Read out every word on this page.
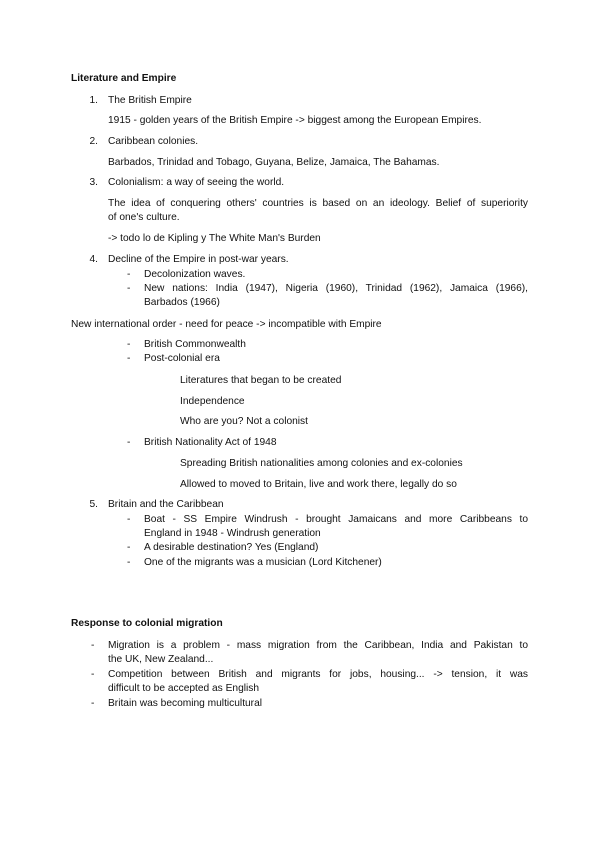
Literature and Empire
1. The British Empire
1915 - golden years of the British Empire -> biggest among the European Empires.
2. Caribbean colonies.
Barbados, Trinidad and Tobago, Guyana, Belize, Jamaica, The Bahamas.
3. Colonialism: a way of seeing the world.
The idea of conquering others' countries is based on an ideology. Belief of superiority
of one's culture.
-> todo lo de Kipling y The White Man's Burden
4. Decline of the Empire in post-war years.
- Decolonization waves.
- New nations: India (1947), Nigeria (1960), Trinidad (1962), Jamaica (1966),
Barbados (1966)
New international order - need for peace -> incompatible with Empire
- British Commonwealth
- Post-colonial era
Literatures that began to be created
Independence
Who are you? Not a colonist
- British Nationality Act of 1948
Spreading British nationalities among colonies and ex-colonies
Allowed to moved to Britain, live and work there, legally do so
5. Britain and the Caribbean
- Boat - SS Empire Windrush - brought Jamaicans and more Caribbeans to
England in 1948 - Windrush generation
- A desirable destination? Yes (England)
- One of the migrants was a musician (Lord Kitchener)
Response to colonial migration
- Migration is a problem - mass migration from the Caribbean, India and Pakistan to
the UK, New Zealand...
- Competition between British and migrants for jobs, housing... -> tension, it was
difficult to be accepted as English
- Britain was becoming multicultural
